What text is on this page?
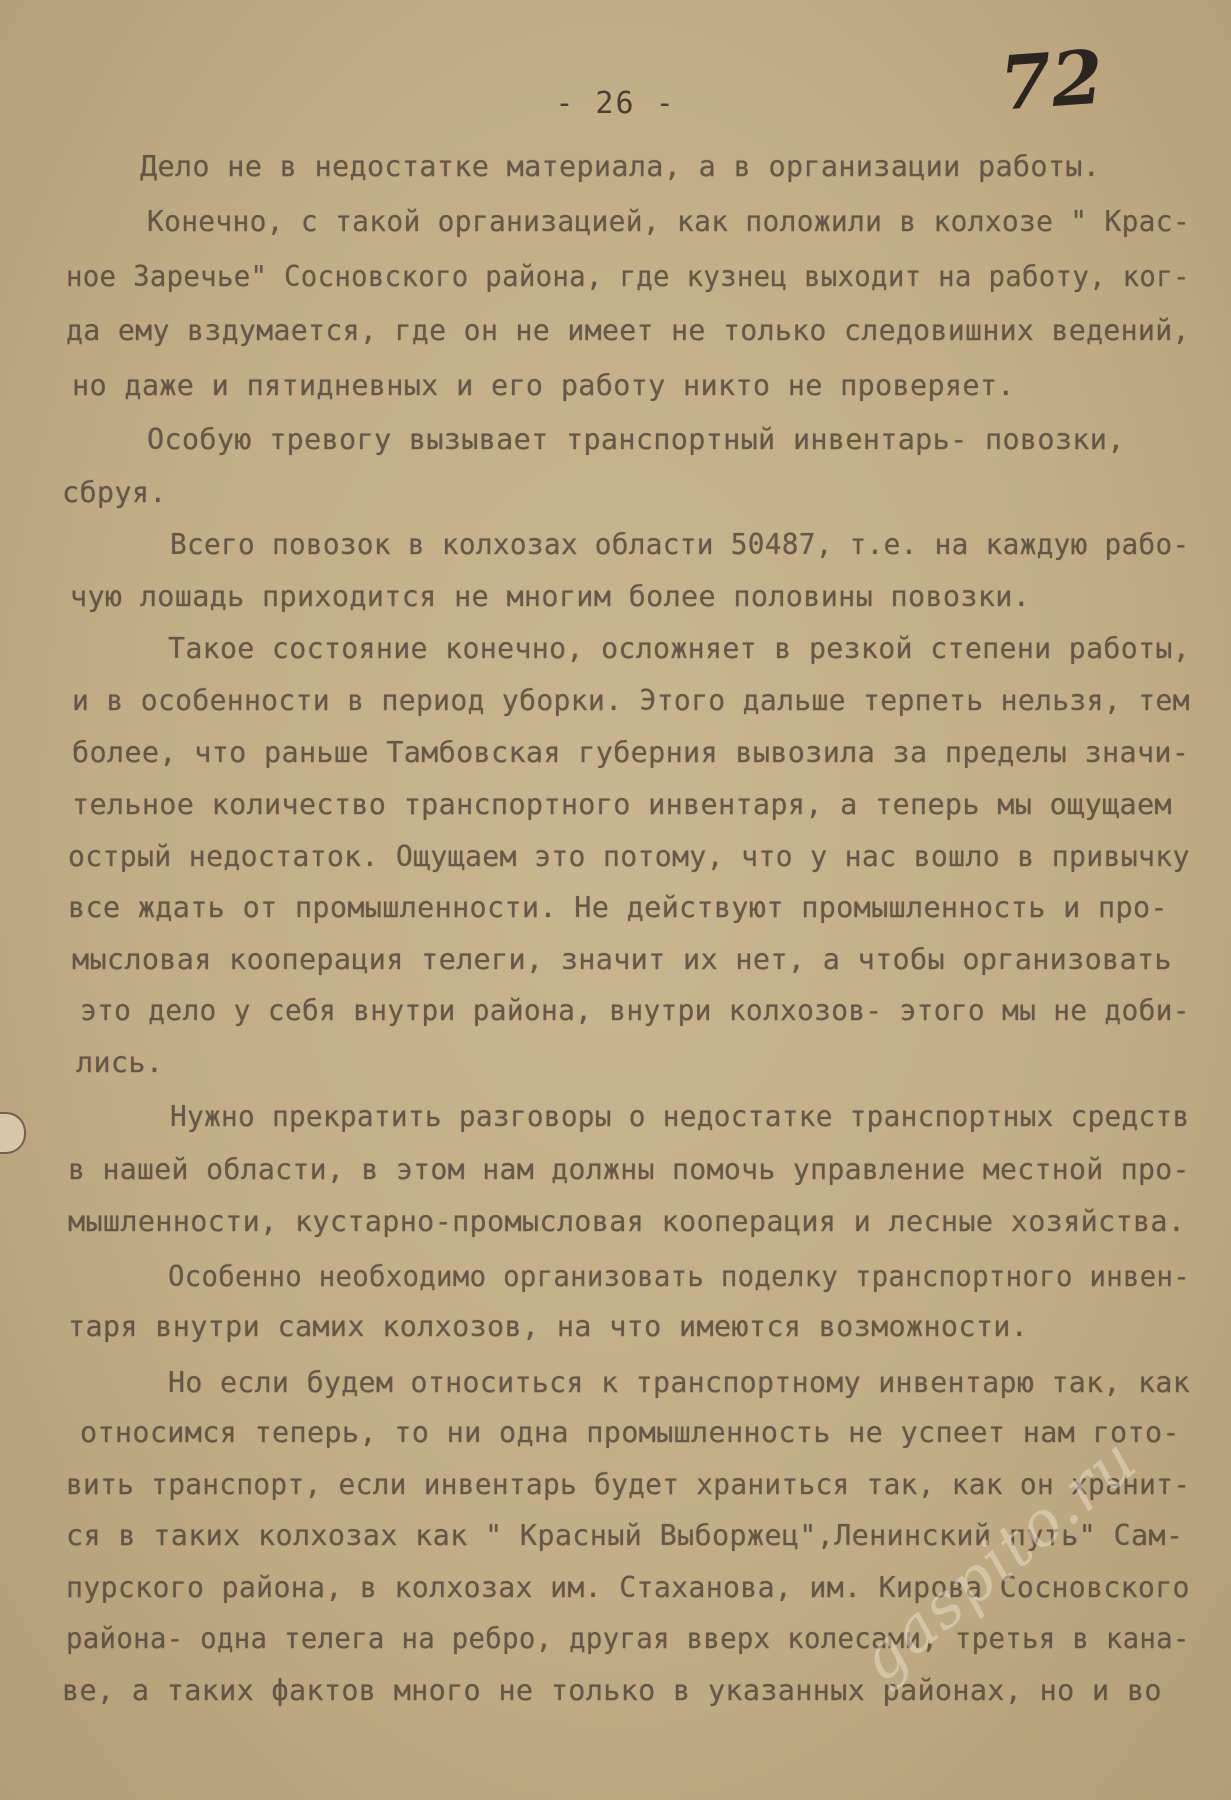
72
- 26 -
Дело не в недостатке материала, а в организации работы.
Конечно, с такой организацией, как положили в колхозе " Крас-
ное Заречье" Сосновского района, где кузнец выходит на работу, ког-
да ему вздумается, где он не имеет не только следовишних ведений,
но даже и пятидневных и его работу никто не проверяет.
Особую тревогу вызывает транспортный инвентарь- повозки,
сбруя.
Всего повозок в колхозах области 50487, т.е. на каждую рабо-
чую лошадь приходится не многим более половины повозки.
Такое состояние конечно, осложняет в резкой степени работы,
и в особенности в период уборки. Этого дальше терпеть нельзя, тем
более, что раньше Тамбовская губерния вывозила за пределы значи-
тельное количество транспортного инвентаря, а теперь мы ощущаем
острый недостаток. Ощущаем это потому, что у нас вошло в привычку
все ждать от промышленности. Не действуют промышленность и про-
мысловая кооперация телеги, значит их нет, а чтобы организовать
это дело у себя внутри района, внутри колхозов- этого мы не доби-
лись.
Нужно прекратить разговоры о недостатке транспортных средств
в нашей области, в этом нам должны помочь управление местной про-
мышленности, кустарно-промысловая кооперация и лесные хозяйства.
Особенно необходимо организовать поделку транспортного инвен-
таря внутри самих колхозов, на что имеются возможности.
Но если будем относиться к транспортному инвентарю так, как
относимся теперь, то ни одна промышленность не успеет нам гото-
вить транспорт, если инвентарь будет храниться так, как он хранит-
ся в таких колхозах как " Красный Выборжец",Ленинский путь" Сам-
пурского района, в колхозах им. Стаханова, им. Кирова Сосновского
района- одна телега на ребро, другая вверх колесами, третья в кана-
ве, а таких фактов много не только в указанных районах, но и во
gaspito.ru
